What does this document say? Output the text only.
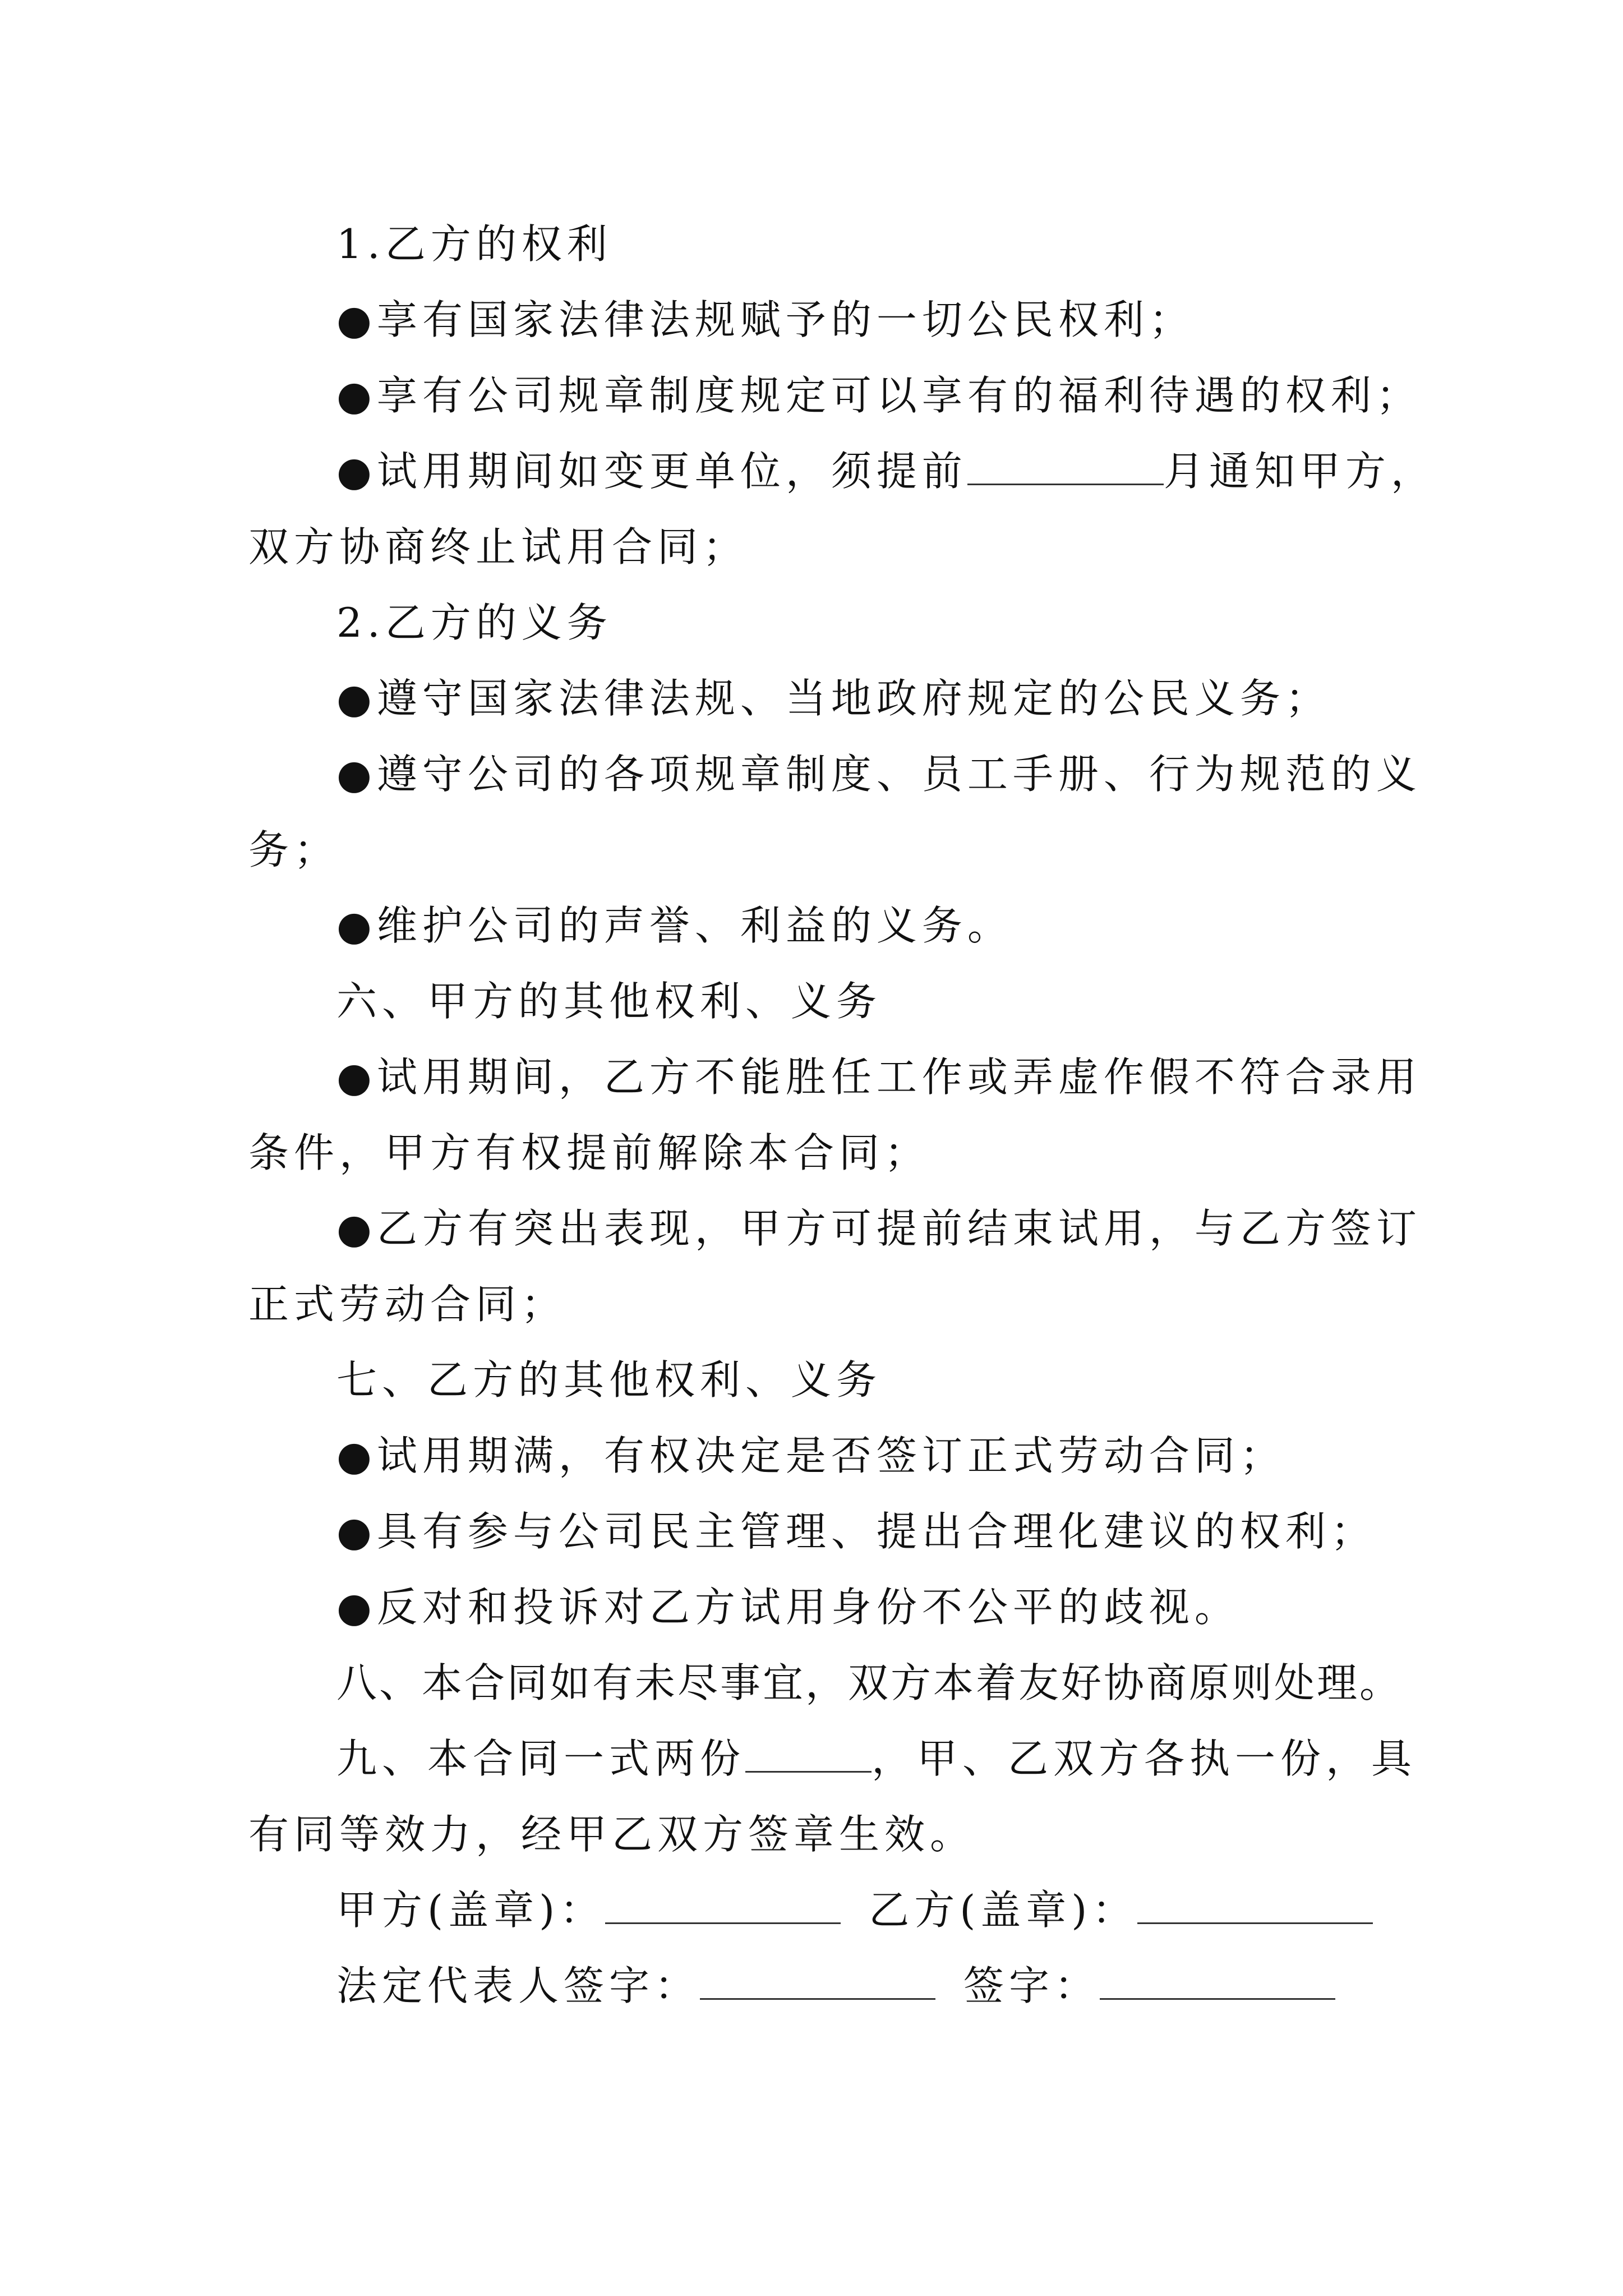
1.乙方的权利
●享有国家法律法规赋予的一切公民权利；
●享有公司规章制度规定可以享有的福利待遇的权利；
●试用期间如变更单位，须提前	月通知甲方，
双方协商终止试用合同；
2.乙方的义务
●遵守国家法律法规、当地政府规定的公民义务；
●遵守公司的各项规章制度、员工手册、行为规范的义
务；
●维护公司的声誉、利益的义务。
六、甲方的其他权利、义务
●试用期间，乙方不能胜任工作或弄虚作假不符合录用
条件，甲方有权提前解除本合同；
●乙方有突出表现，甲方可提前结束试用，与乙方签订
正式劳动合同；
七、乙方的其他权利、义务
●试用期满，有权决定是否签订正式劳动合同；
●具有参与公司民主管理、提出合理化建议的权利；
●反对和投诉对乙方试用身份不公平的歧视。
八、本合同如有未尽事宜，双方本着友好协商原则处理。
九、本合同一式两份	，甲、乙双方各执一份，具
有同等效力，经甲乙双方签章生效。
甲方(盖章)：	乙方(盖章)：
法定代表人签字：	签字：
